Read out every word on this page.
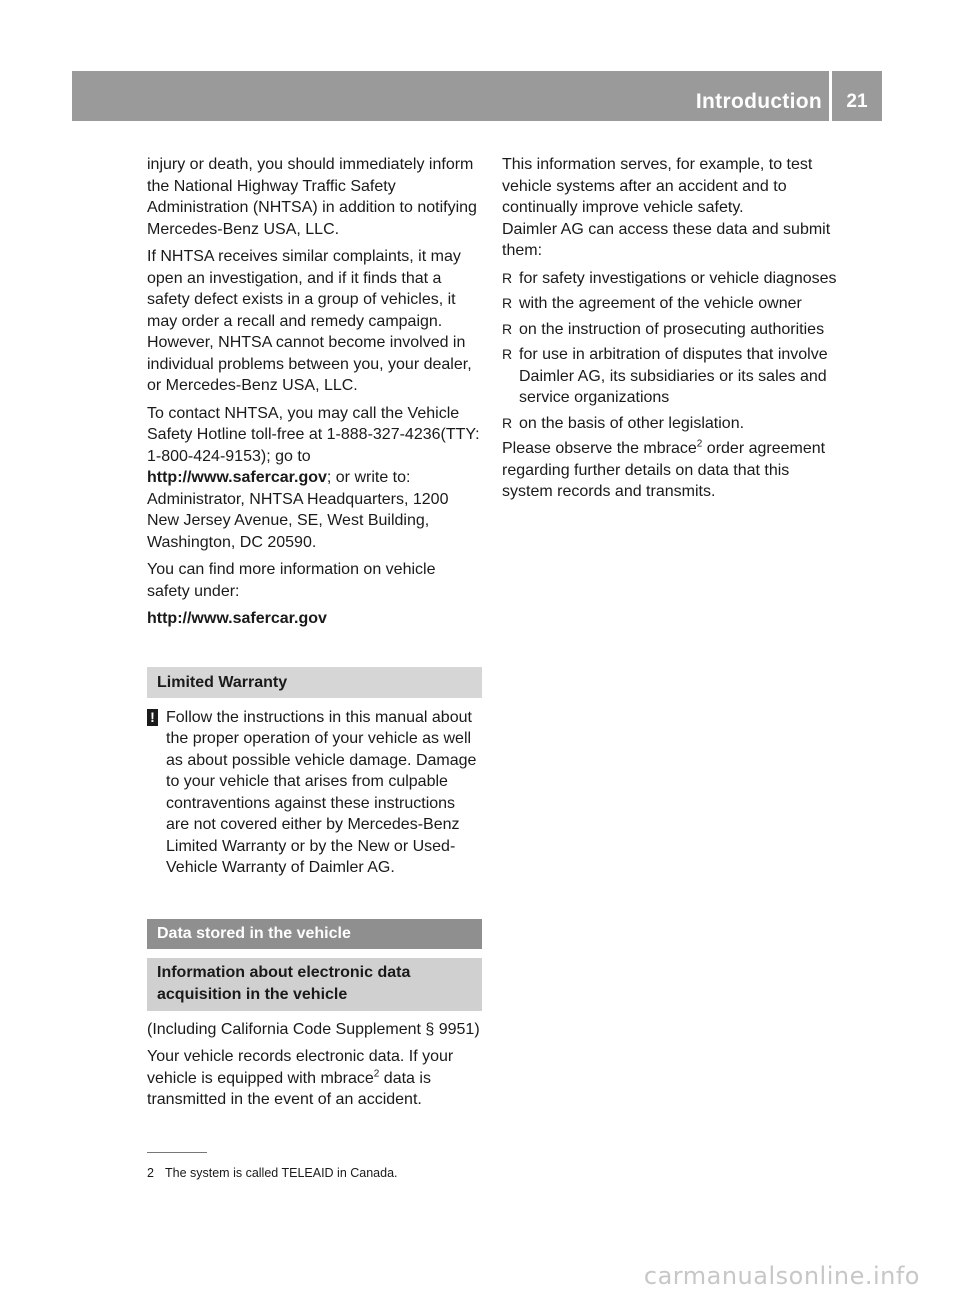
Introduction	21

injury or death, you should immediately inform the National Highway Traffic Safety Administration (NHTSA) in addition to notifying Mercedes-Benz USA, LLC.

If NHTSA receives similar complaints, it may open an investigation, and if it finds that a safety defect exists in a group of vehicles, it may order a recall and remedy campaign. However, NHTSA cannot become involved in individual problems between you, your dealer, or Mercedes-Benz USA, LLC.

To contact NHTSA, you may call the Vehicle Safety Hotline toll-free at 1-888-327-4236(TTY: 1-800-424-9153); go to http://www.safercar.gov; or write to: Administrator, NHTSA Headquarters, 1200 New Jersey Avenue, SE, West Building, Washington, DC 20590.

You can find more information on vehicle safety under:

http://www.safercar.gov

Limited Warranty
! Follow the instructions in this manual about the proper operation of your vehicle as well as about possible vehicle damage. Damage to your vehicle that arises from culpable contraventions against these instructions are not covered either by Mercedes-Benz Limited Warranty or by the New or Used-Vehicle Warranty of Daimler AG.
Data stored in the vehicle
Information about electronic data acquisition in the vehicle

(Including California Code Supplement § 9951)

Your vehicle records electronic data. If your vehicle is equipped with mbrace$^2$ data is transmitted in the event of an accident.

This information serves, for example, to test vehicle systems after an accident and to continually improve vehicle safety.

Daimler AG can access these data and submit them:

R for safety investigations or vehicle diagnoses
R with the agreement of the vehicle owner
R on the instruction of prosecuting authorities
R for use in arbitration of disputes that involve Daimler AG, its subsidiaries or its sales and service organizations
R on the basis of other legislation.

Please observe the mbrace$^2$ order agreement regarding further details on data that this system records and transmits.

2 The system is called TELEAID in Canada.
carmanualsonline.info
